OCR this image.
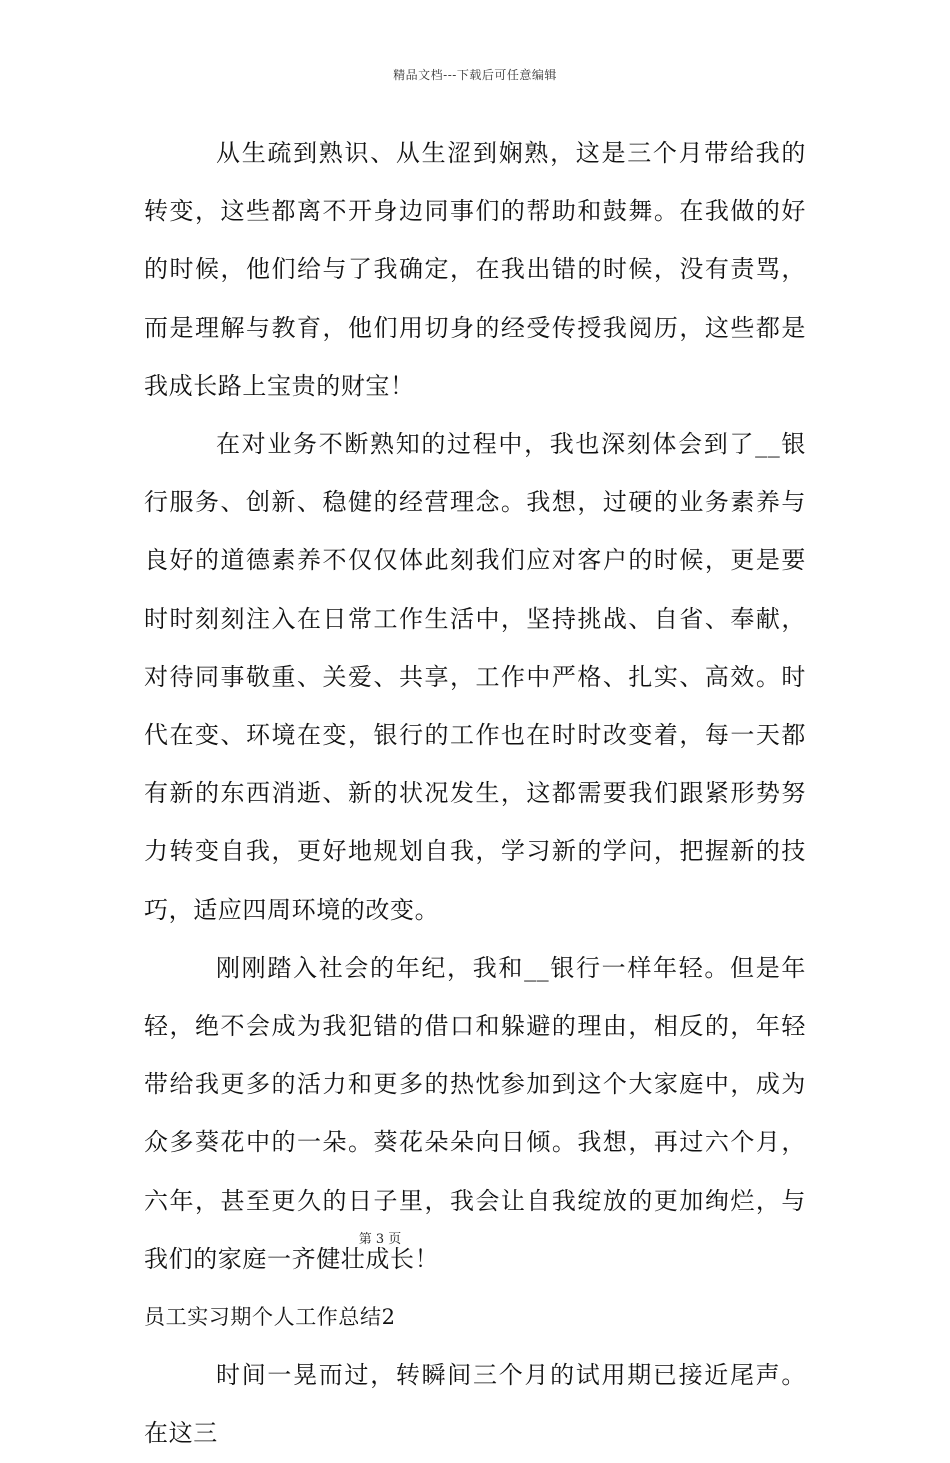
精品文档---下载后可任意编辑

从生疏到熟识、从生涩到娴熟，这是三个月带给我的转变，这些都离不开身边同事们的帮助和鼓舞。在我做的好的时候，他们给与了我确定，在我出错的时候，没有责骂，而是理解与教育，他们用切身的经受传授我阅历，这些都是我成长路上宝贵的财宝！

在对业务不断熟知的过程中，我也深刻体会到了__银行服务、创新、稳健的经营理念。我想，过硬的业务素养与良好的道德素养不仅仅体此刻我们应对客户的时候，更是要时时刻刻注入在日常工作生活中，坚持挑战、自省、奉献，对待同事敬重、关爱、共享，工作中严格、扎实、高效。时代在变、环境在变，银行的工作也在时时改变着，每一天都有新的东西消逝、新的状况发生，这都需要我们跟紧形势努力转变自我，更好地规划自我，学习新的学问，把握新的技巧，适应四周环境的改变。

刚刚踏入社会的年纪，我和__银行一样年轻。但是年轻，绝不会成为我犯错的借口和躲避的理由，相反的，年轻带给我更多的活力和更多的热忱参加到这个大家庭中，成为众多葵花中的一朵。葵花朵朵向日倾。我想，再过六个月，六年，甚至更久的日子里，我会让自我绽放的更加绚烂，与我们的家庭一齐健壮成长！

员工实习期个人工作总结2

时间一晃而过，转瞬间三个月的试用期已接近尾声。在这三

第 3 页
